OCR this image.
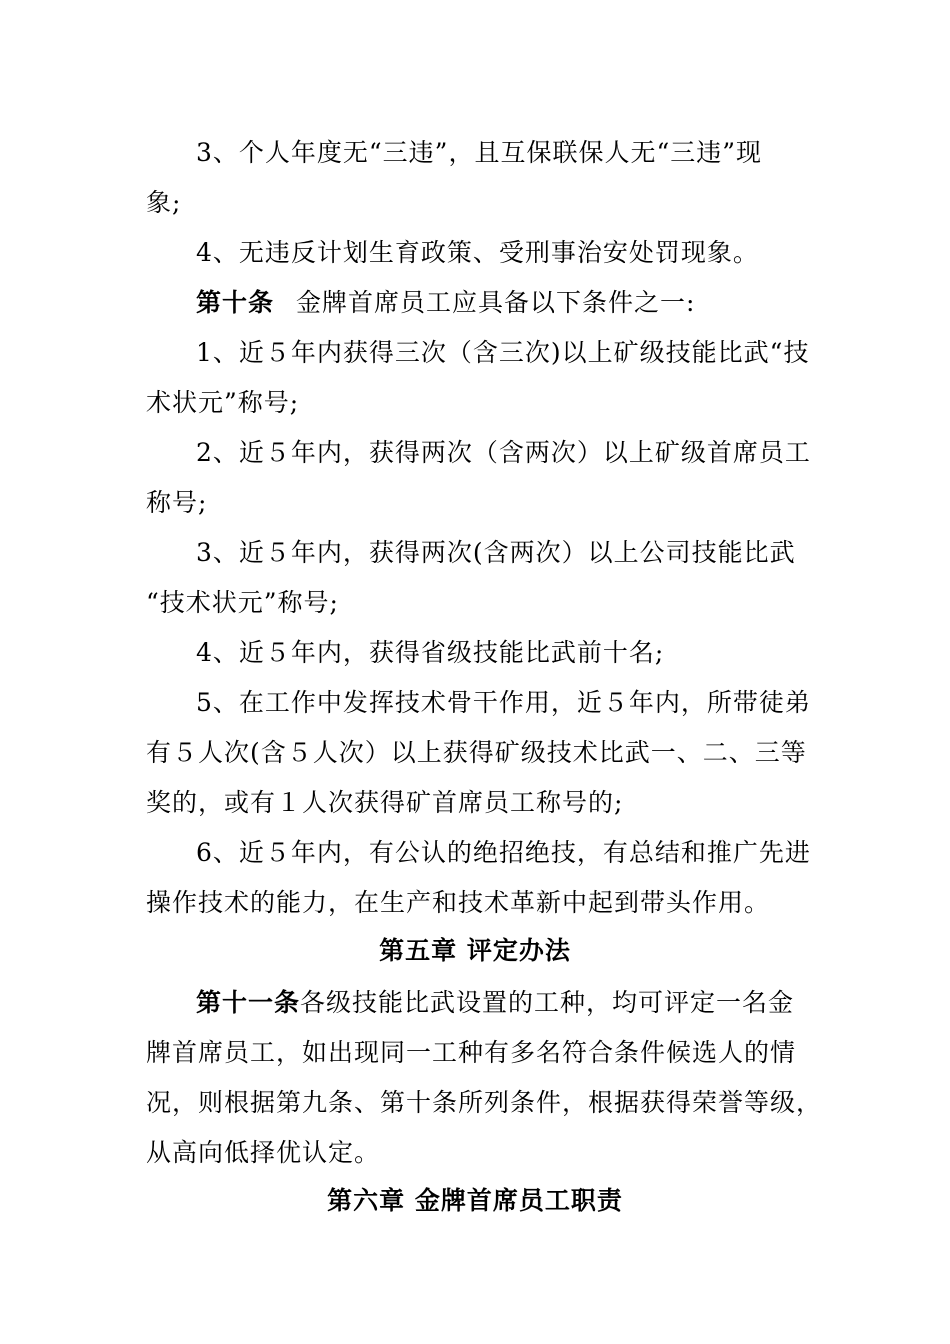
3、个人年度无“三违”，且互保联保人无“三违”现
象;
4、无违反计划生育政策、受刑事治安处罚现象。
第十条 金牌首席员工应具备以下条件之一:
1、近５年内获得三次（含三次)以上矿级技能比武“技
术状元”称号;
2、近５年内，获得两次（含两次）以上矿级首席员工
称号;
3、近５年内，获得两次(含两次）以上公司技能比武
“技术状元”称号;
4、近５年内，获得省级技能比武前十名;
5、在工作中发挥技术骨干作用，近５年内，所带徒弟
有５人次(含５人次）以上获得矿级技术比武一、二、三等
奖的，或有１人次获得矿首席员工称号的;
6、近５年内，有公认的绝招绝技，有总结和推广先进
操作技术的能力，在生产和技术革新中起到带头作用。
第五章 评定办法
第十一条各级技能比武设置的工种，均可评定一名金
牌首席员工，如出现同一工种有多名符合条件候选人的情
况，则根据第九条、第十条所列条件，根据获得荣誉等级，
从高向低择优认定。
第六章 金牌首席员工职责
